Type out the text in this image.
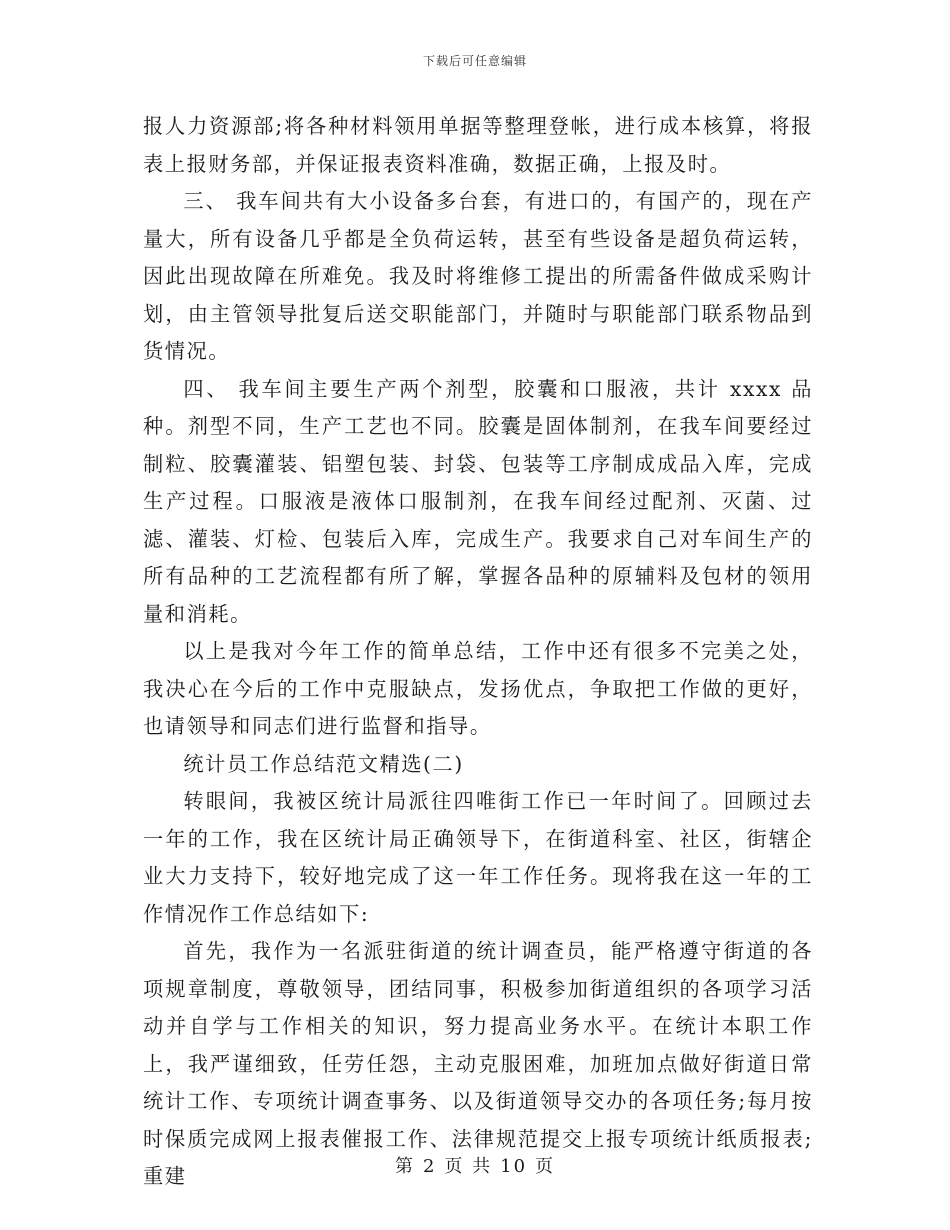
下载后可任意编辑

报人力资源部;将各种材料领用单据等整理登帐，进行成本核算，将报表上报财务部，并保证报表资料准确，数据正确，上报及时。

三、 我车间共有大小设备多台套，有进口的，有国产的，现在产量大，所有设备几乎都是全负荷运转，甚至有些设备是超负荷运转，因此出现故障在所难免。我及时将维修工提出的所需备件做成采购计划，由主管领导批复后送交职能部门，并随时与职能部门联系物品到货情况。

四、 我车间主要生产两个剂型，胶囊和口服液，共计 xxxx 品种。剂型不同，生产工艺也不同。胶囊是固体制剂，在我车间要经过制粒、胶囊灌装、铝塑包装、封袋、包装等工序制成成品入库，完成生产过程。口服液是液体口服制剂，在我车间经过配剂、灭菌、过滤、灌装、灯检、包装后入库，完成生产。我要求自己对车间生产的所有品种的工艺流程都有所了解，掌握各品种的原辅料及包材的领用量和消耗。

以上是我对今年工作的简单总结，工作中还有很多不完美之处，我决心在今后的工作中克服缺点，发扬优点，争取把工作做的更好，也请领导和同志们进行监督和指导。

统计员工作总结范文精选(二)

转眼间，我被区统计局派往四唯街工作已一年时间了。回顾过去一年的工作，我在区统计局正确领导下，在街道科室、社区，街辖企业大力支持下，较好地完成了这一年工作任务。现将我在这一年的工作情况作工作总结如下:

首先，我作为一名派驻街道的统计调查员，能严格遵守街道的各项规章制度，尊敬领导，团结同事，积极参加街道组织的各项学习活动并自学与工作相关的知识，努力提高业务水平。在统计本职工作上，我严谨细致，任劳任怨，主动克服困难，加班加点做好街道日常统计工作、专项统计调查事务、以及街道领导交办的各项任务;每月按时保质完成网上报表催报工作、法律规范提交上报专项统计纸质报表;重建	第 2 页 共 10 页
